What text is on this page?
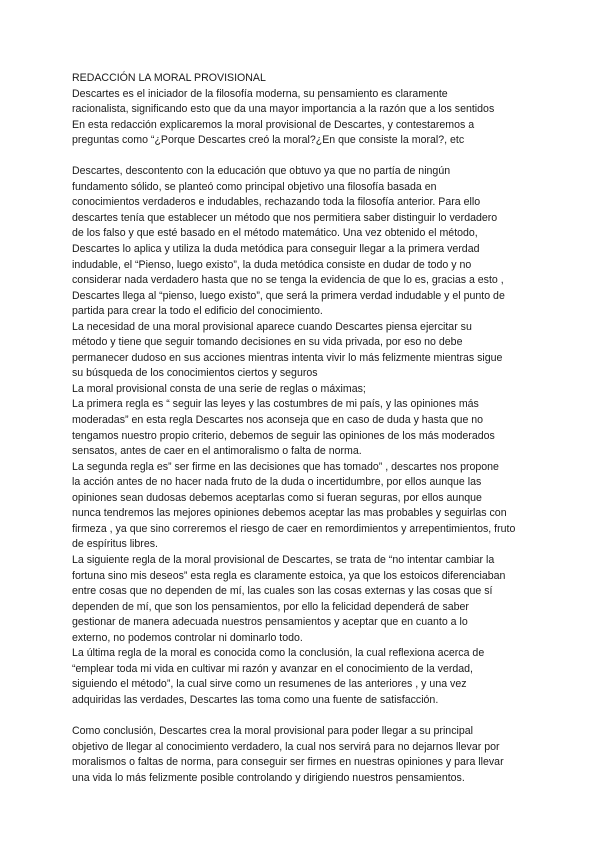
REDACCIÓN LA MORAL PROVISIONAL
Descartes es el iniciador de la filosofía moderna, su pensamiento es claramente
racionalista, significando esto que da una mayor importancia a la razón que a los sentidos
En esta redacción explicaremos la moral provisional de Descartes, y contestaremos a
preguntas como “¿Porque Descartes creó la moral?¿En que consiste la moral?, etc
Descartes, descontento con la educación que obtuvo ya que no partía de ningún
fundamento sólido, se planteó como principal objetivo una filosofía basada en
conocimientos verdaderos e indudables, rechazando toda la filosofía anterior. Para ello
descartes tenía que establecer un método que nos permitiera saber distinguir lo verdadero
de los falso y que esté basado en el método matemático. Una vez obtenido el método,
Descartes lo aplica y utiliza la duda metódica para conseguir llegar a la primera verdad
indudable, el “Pienso, luego existo”, la duda metódica consiste en dudar de todo y no
considerar nada verdadero hasta que no se tenga la evidencia de que lo es, gracias a esto ,
Descartes llega al “pienso, luego existo”, que será la primera verdad indudable y el punto de
partida para crear la todo el edificio del conocimiento.
La necesidad de una moral provisional aparece cuando Descartes piensa ejercitar su
método y tiene que seguir tomando decisiones en su vida privada, por eso no debe
permanecer dudoso en sus acciones mientras intenta vivir lo más felizmente mientras sigue
su búsqueda de los conocimientos ciertos y seguros
La moral provisional consta de una serie de reglas o máximas;
La primera regla es “ seguir las leyes y las costumbres de mi país, y las opiniones más
moderadas” en esta regla Descartes nos aconseja que en caso de duda y hasta que no
tengamos nuestro propio criterio, debemos de seguir las opiniones de los más moderados
sensatos, antes de caer en el antimoralismo o falta de norma.
La segunda regla es” ser firme en las decisiones que has tomado” , descartes nos propone
la acción antes de no hacer nada fruto de la duda o incertidumbre, por ellos aunque las
opiniones sean dudosas debemos aceptarlas como si fueran seguras, por ellos aunque
nunca tendremos las mejores opiniones debemos aceptar las mas probables y seguirlas con
firmeza , ya que sino correremos el riesgo de caer en remordimientos y arrepentimientos, fruto
de espíritus libres.
La siguiente regla de la moral provisional de Descartes, se trata de “no intentar cambiar la
fortuna sino mis deseos” esta regla es claramente estoica, ya que los estoicos diferenciaban
entre cosas que no dependen de mí, las cuales son las cosas externas y las cosas que sí
dependen de mí, que son los pensamientos, por ello la felicidad dependerá de saber
gestionar de manera adecuada nuestros pensamientos y aceptar que en cuanto a lo
externo, no podemos controlar ni dominarlo todo.
La última regla de la moral es conocida como la conclusión, la cual reflexiona acerca de
“emplear toda mi vida en cultivar mi razón y avanzar en el conocimiento de la verdad,
siguiendo el método”, la cual sirve como un resumenes de las anteriores , y una vez
adquiridas las verdades, Descartes las toma como una fuente de satisfacción.
Como conclusión, Descartes crea la moral provisional para poder llegar a su principal
objetivo de llegar al conocimiento verdadero, la cual nos servirá para no dejarnos llevar por
moralismos o faltas de norma, para conseguir ser firmes en nuestras opiniones y para llevar
una vida lo más felizmente posible controlando y dirigiendo nuestros pensamientos.
